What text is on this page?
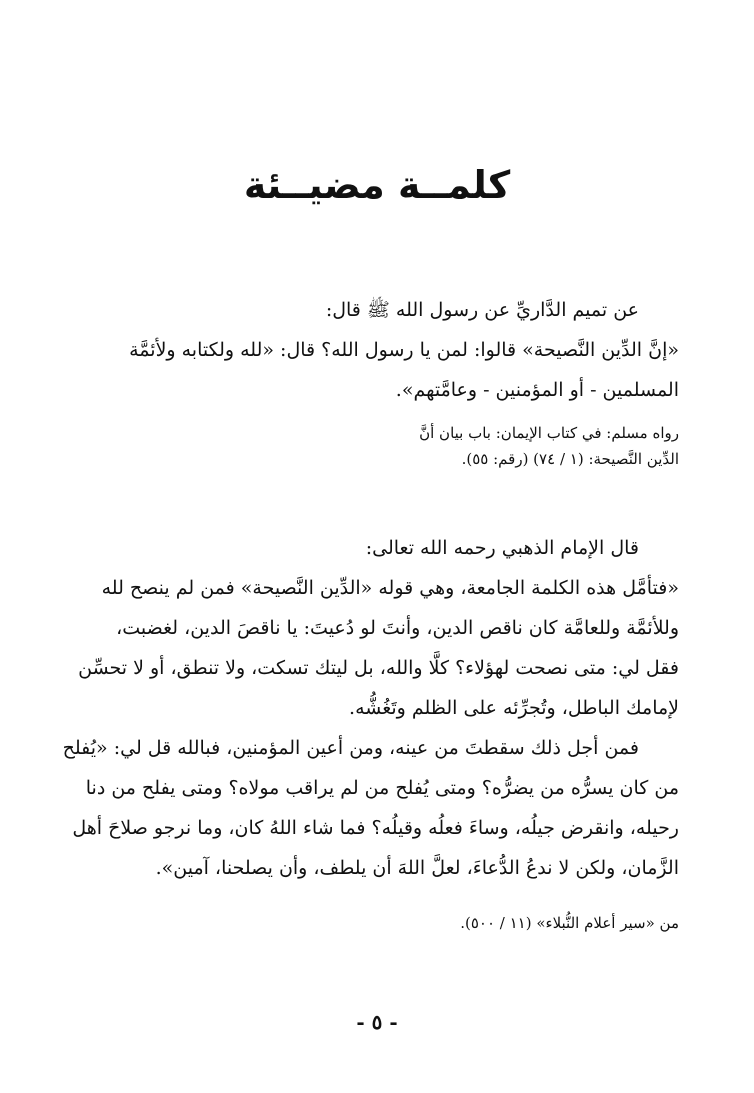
كلمــة مضيــئة
عن تميم الدَّاريِّ عن رسول الله ﷺ قال:
«إنَّ الدِّين النَّصيحة» قالوا: لمن يا رسول الله؟ قال: «لله ولكتابه ولأئمَّة
المسلمين - أو المؤمنين - وعامَّتهم».
رواه مسلم: في كتاب الإيمان: باب بيان أنَّ
الدِّين النَّصيحة: (١ / ٧٤) (رقم: ٥٥).
قال الإمام الذهبي رحمه الله تعالى:
«فتأمَّل هذه الكلمة الجامعة، وهي قوله «الدِّين النَّصيحة» فمن لم ينصح لله
وللأئمَّة وللعامَّة كان ناقص الدين، وأنتَ لو دُعيتَ: يا ناقصَ الدين، لغضبت،
فقل لي: متى نصحت لهؤلاء؟ كلَّا والله، بل ليتك تسكت، ولا تنطق، أو لا تحسِّن
لإمامك الباطل، وتُجرِّئه على الظلم وتَغُشُّه.
فمن أجل ذلك سقطتَ من عينه، ومن أعين المؤمنين، فبالله قل لي: «يُفلح
من كان يسرُّه من يضرُّه؟ ومتى يُفلح من لم يراقب مولاه؟ ومتى يفلح من دنا
رحيله، وانقرض جيلُه، وساءَ فعلُه وقيلُه؟ فما شاء اللهُ كان، وما نرجو صلاحَ أهل
الزَّمان، ولكن لا ندعُ الدُّعاءَ، لعلَّ اللهَ أن يلطف، وأن يصلحنا، آمين».
من «سير أعلام النُّبلاء» (١١ / ٥٠٠).
- ٥ -
